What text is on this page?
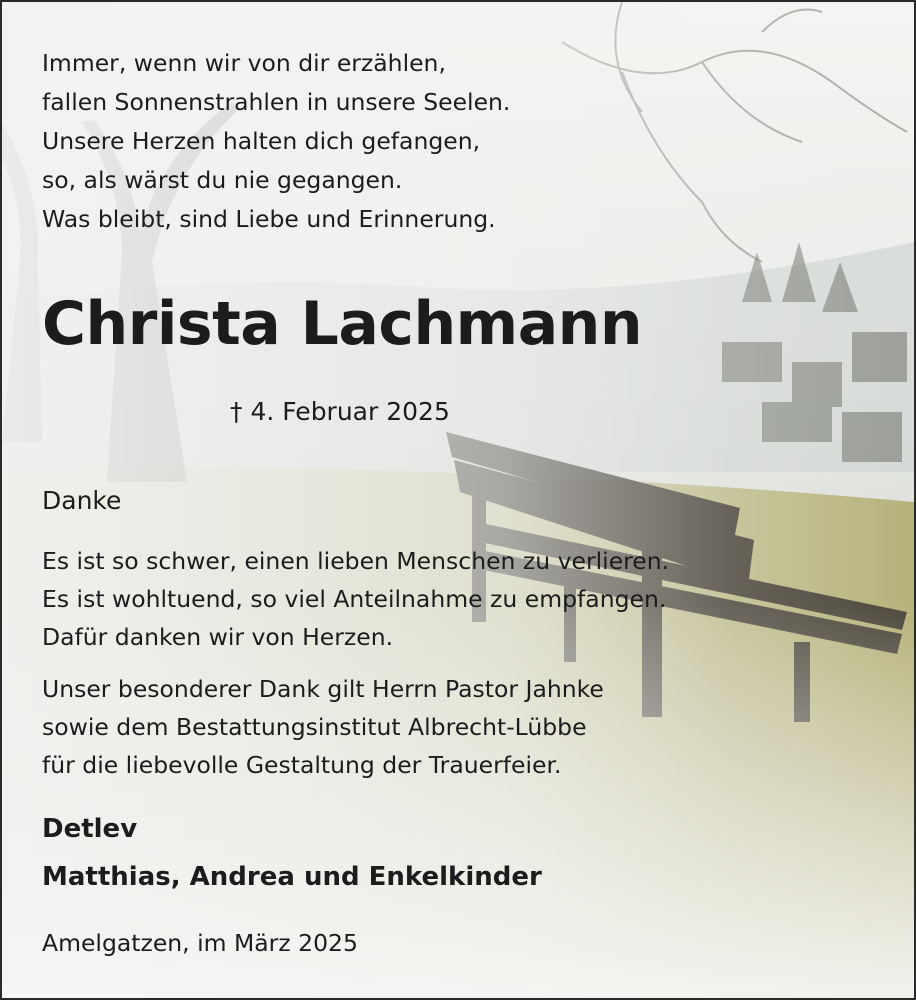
Immer, wenn wir von dir erzählen,
fallen Sonnenstrahlen in unsere Seelen.
Unsere Herzen halten dich gefangen,
so, als wärst du nie gegangen.
Was bleibt, sind Liebe und Erinnerung.

Christa Lachmann
† 4. Februar 2025
Danke

Es ist so schwer, einen lieben Menschen zu verlieren.
Es ist wohltuend, so viel Anteilnahme zu empfangen.
Dafür danken wir von Herzen.

Unser besonderer Dank gilt Herrn Pastor Jahnke
sowie dem Bestattungsinstitut Albrecht-Lübbe
für die liebevolle Gestaltung der Trauerfeier.

Detlev
Matthias, Andrea und Enkelkinder
Amelgatzen, im März 2025
